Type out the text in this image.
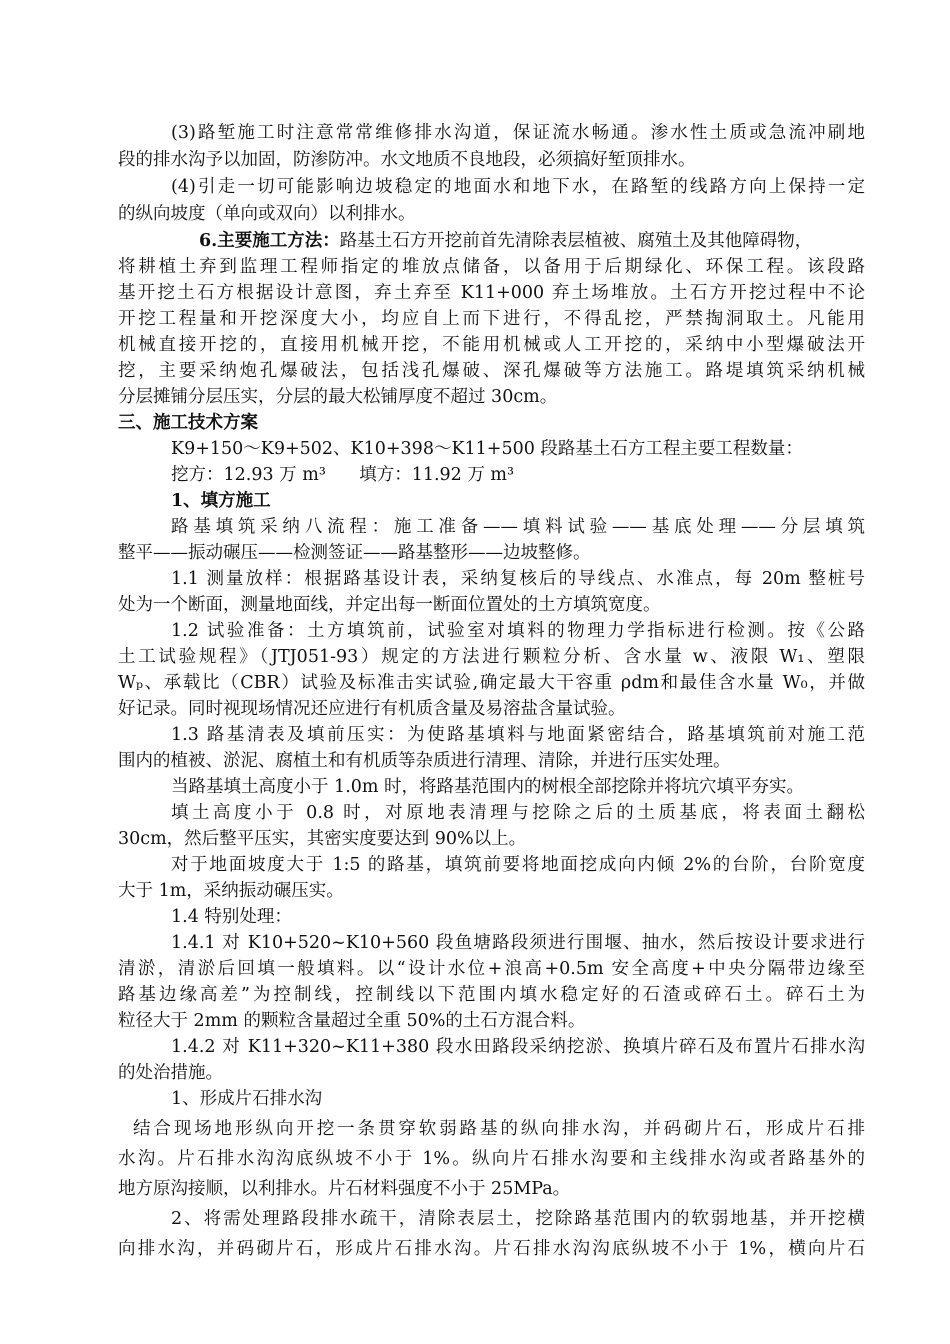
(3)路堑施工时注意常常维修排水沟道，保证流水畅通。渗水性土质或急流冲刷地
段的排水沟予以加固，防渗防冲。水文地质不良地段，必须搞好堑顶排水。
(4)引走一切可能影响边坡稳定的地面水和地下水，在路堑的线路方向上保持一定
的纵向坡度（单向或双向）以利排水。
6.主要施工方法：路基土石方开挖前首先清除表层植被、腐殖土及其他障碍物，
将耕植土弃到监理工程师指定的堆放点储备，以备用于后期绿化、环保工程。该段路
基开挖土石方根据设计意图，弃土弃至 K11+000 弃土场堆放。土石方开挖过程中不论
开挖工程量和开挖深度大小，均应自上而下进行，不得乱挖，严禁掏洞取土。凡能用
机械直接开挖的，直接用机械开挖，不能用机械或人工开挖的，采纳中小型爆破法开
挖，主要采纳炮孔爆破法，包括浅孔爆破、深孔爆破等方法施工。路堤填筑采纳机械
分层摊铺分层压实，分层的最大松铺厚度不超过 30cm。
三、施工技术方案
K9+150～K9+502、K10+398～K11+500 段路基土石方工程主要工程数量：
挖方：12.93 万 m³      填方：11.92 万 m³
1、填方施工
路基填筑采纳八流程：施工准备——填料试验——基底处理——分层填筑
整平——振动碾压——检测签证——路基整形——边坡整修。
1.1 测量放样：根据路基设计表，采纳复核后的导线点、水准点，每 20m 整桩号
处为一个断面，测量地面线，并定出每一断面位置处的土方填筑宽度。
1.2 试验准备：土方填筑前，试验室对填料的物理力学指标进行检测。按《公路
土工试验规程》（JTJ051-93）规定的方法进行颗粒分析、含水量 w、液限 W₁、塑限
Wₚ、承载比（CBR）试验及标准击实试验,确定最大干容重 ρdm和最佳含水量 W₀，并做
好记录。同时视现场情况还应进行有机质含量及易溶盐含量试验。
1.3 路基清表及填前压实：为使路基填料与地面紧密结合，路基填筑前对施工范
围内的植被、淤泥、腐植土和有机质等杂质进行清理、清除，并进行压实处理。
当路基填土高度小于 1.0m 时，将路基范围内的树根全部挖除并将坑穴填平夯实。
填土高度小于 0.8 时，对原地表清理与挖除之后的土质基底，将表面土翻松
30cm，然后整平压实，其密实度要达到 90%以上。
对于地面坡度大于 1:5 的路基，填筑前要将地面挖成向内倾 2%的台阶，台阶宽度
大于 1m，采纳振动碾压实。
1.4 特别处理：
1.4.1 对 K10+520~K10+560 段鱼塘路段须进行围堰、抽水，然后按设计要求进行
清淤，清淤后回填一般填料。以“设计水位+浪高+0.5m 安全高度+中央分隔带边缘至
路基边缘高差”为控制线，控制线以下范围内填水稳定好的石渣或碎石土。碎石土为
粒径大于 2mm 的颗粒含量超过全重 50%的土石方混合料。
1.4.2 对 K11+320~K11+380 段水田路段采纳挖淤、换填片碎石及布置片石排水沟
的处治措施。
1、形成片石排水沟
结合现场地形纵向开挖一条贯穿软弱路基的纵向排水沟，并码砌片石，形成片石排
水沟。片石排水沟沟底纵坡不小于 1%。纵向片石排水沟要和主线排水沟或者路基外的
地方原沟接顺，以利排水。片石材料强度不小于 25MPa。
2、将需处理路段排水疏干，清除表层土，挖除路基范围内的软弱地基，并开挖横
向排水沟，并码砌片石，形成片石排水沟。片石排水沟沟底纵坡不小于 1%，横向片石
